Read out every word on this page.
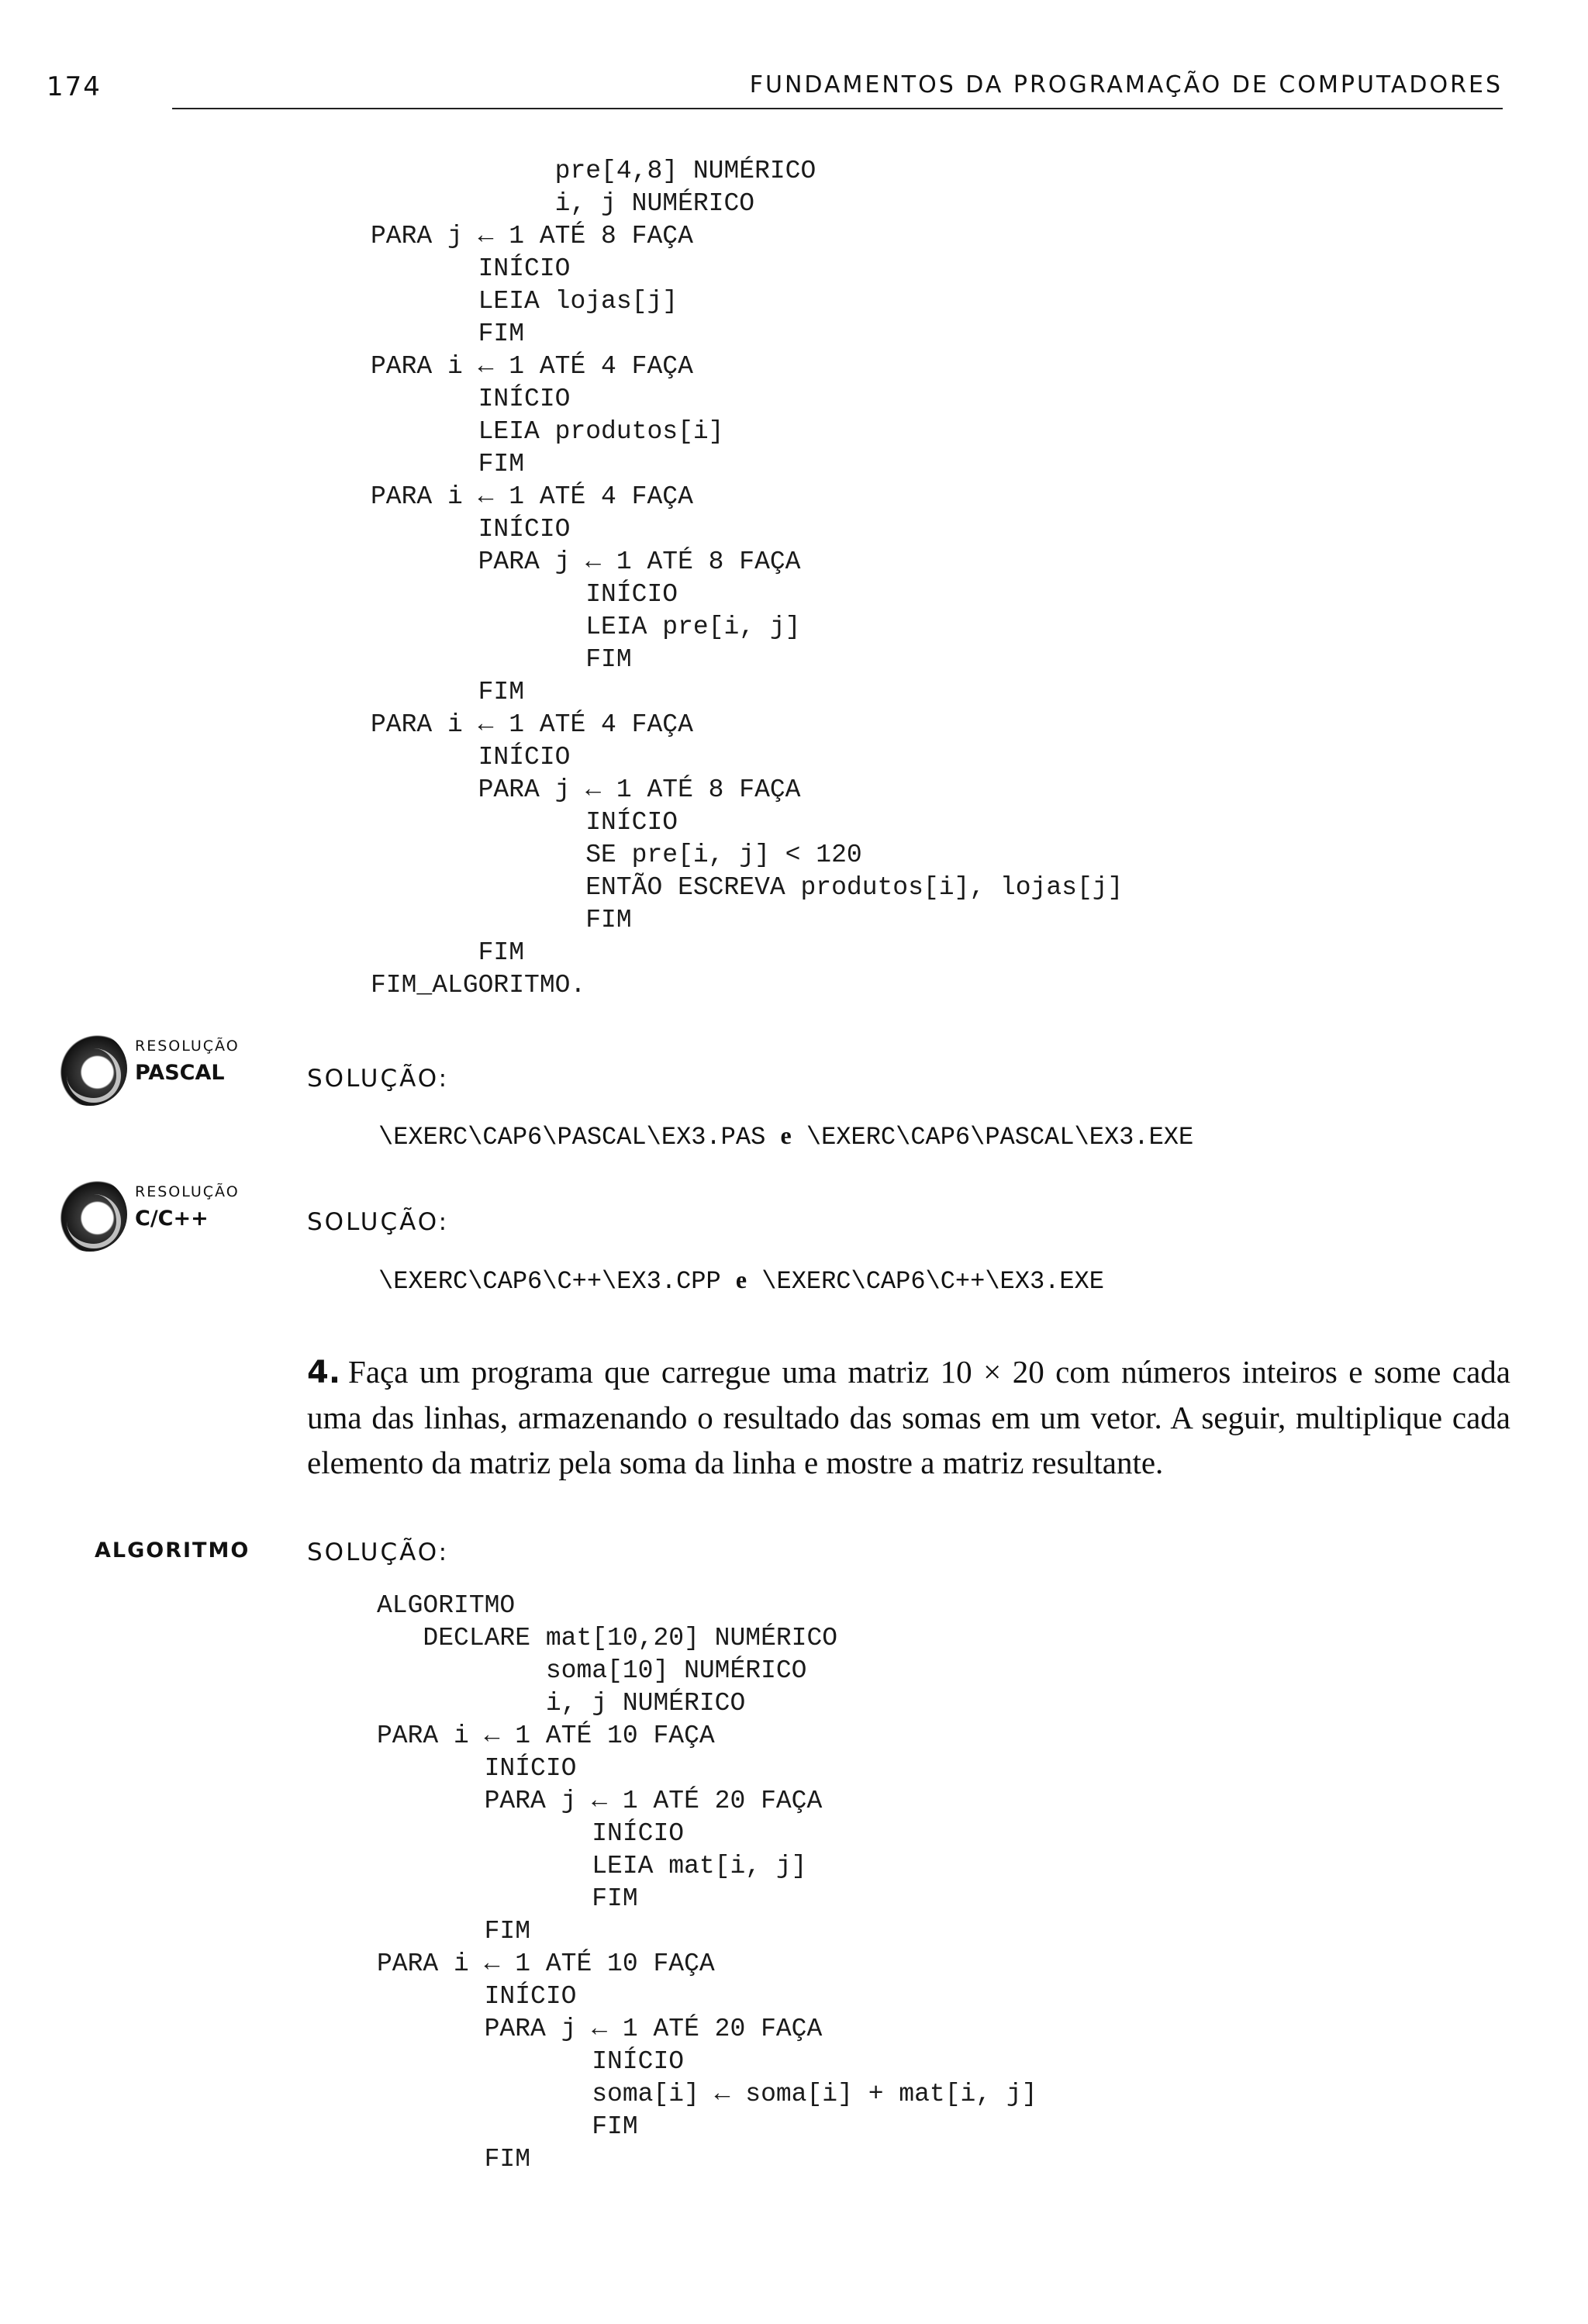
174	FUNDAMENTOS DA PROGRAMAÇÃO DE COMPUTADORES
pre[4,8] NUMÉRICO
i, j NUMÉRICO
PARA j ← 1 ATÉ 8 FAÇA
INÍCIO
LEIA lojas[j]
FIM
PARA i ← 1 ATÉ 4 FAÇA
INÍCIO
LEIA produtos[i]
FIM
PARA i ← 1 ATÉ 4 FAÇA
INÍCIO
PARA j ← 1 ATÉ 8 FAÇA
INÍCIO
LEIA pre[i, j]
FIM
FIM
PARA i ← 1 ATÉ 4 FAÇA
INÍCIO
PARA j ← 1 ATÉ 8 FAÇA
INÍCIO
SE pre[i, j] < 120
ENTÃO ESCREVA produtos[i], lojas[j]
FIM
FIM
FIM_ALGORITMO.
RESOLUÇÃO
PASCAL	SOLUÇÃO:
\EXERC\CAP6\PASCAL\EX3.PAS e \EXERC\CAP6\PASCAL\EX3.EXE
RESOLUÇÃO
C/C++	SOLUÇÃO:
\EXERC\CAP6\C++\EX3.CPP e \EXERC\CAP6\C++\EX3.EXE
4. Faça um programa que carregue uma matriz 10 × 20 com números inteiros e some cada uma das linhas, armazenando o resultado das somas em um vetor. A seguir, multiplique cada elemento da matriz pela soma da linha e mostre a matriz resultante.
ALGORITMO SOLUÇÃO:
ALGORITMO
DECLARE mat[10,20] NUMÉRICO
soma[10] NUMÉRICO
i, j NUMÉRICO
PARA i ← 1 ATÉ 10 FAÇA
INÍCIO
PARA j ← 1 ATÉ 20 FAÇA
INÍCIO
LEIA mat[i, j]
FIM
FIM
PARA i ← 1 ATÉ 10 FAÇA
INÍCIO
PARA j ← 1 ATÉ 20 FAÇA
INÍCIO
soma[i] ← soma[i] + mat[i, j]
FIM
FIM
